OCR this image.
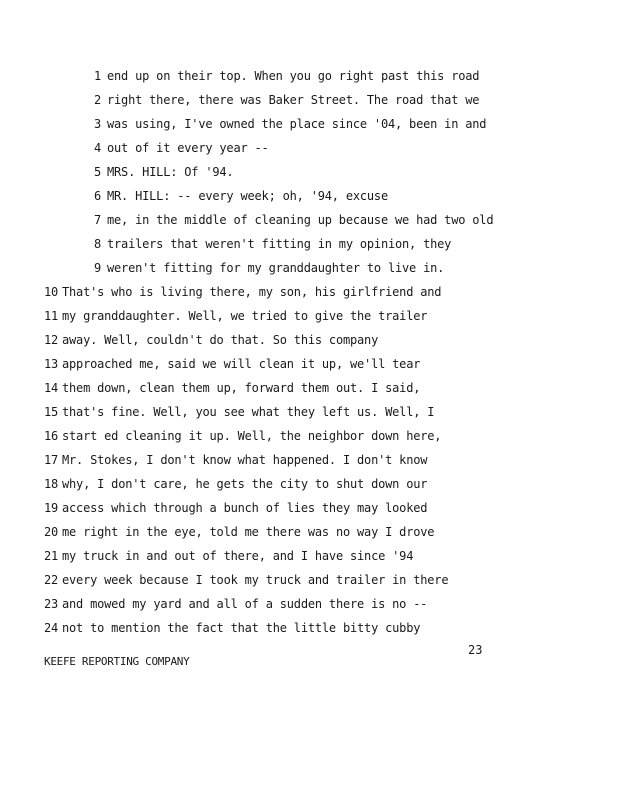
1 end up on their top. When you go right past this road
2 right there, there was Baker Street. The road that we
3 was using, I've owned the place since '04, been in and
4 out of it every year --
5 MRS. HILL: Of '94.
6 MR. HILL: -- every week; oh, '94, excuse
7 me, in the middle of cleaning up because we had two old
8 trailers that weren't fitting in my opinion, they
9 weren't fitting for my granddaughter to live in.
10 That's who is living there, my son, his girlfriend and
11 my granddaughter. Well, we tried to give the trailer
12 away. Well, couldn't do that. So this company
13 approached me, said we will clean it up, we'll tear
14 them down, clean them up, forward them out. I said,
15 that's fine. Well, you see what they left us. Well, I
16 start ed cleaning it up. Well, the neighbor down here,
17 Mr. Stokes, I don't know what happened. I don't know
18 why, I don't care, he gets the city to shut down our
19 access which through a bunch of lies they may looked
20 me right in the eye, told me there was no way I drove
21 my truck in and out of there, and I have since '94
22 every week because I took my truck and trailer in there
23 and mowed my yard and all of a sudden there is no --
24 not to mention the fact that the little bitty cubby
23
KEEFE REPORTING COMPANY
